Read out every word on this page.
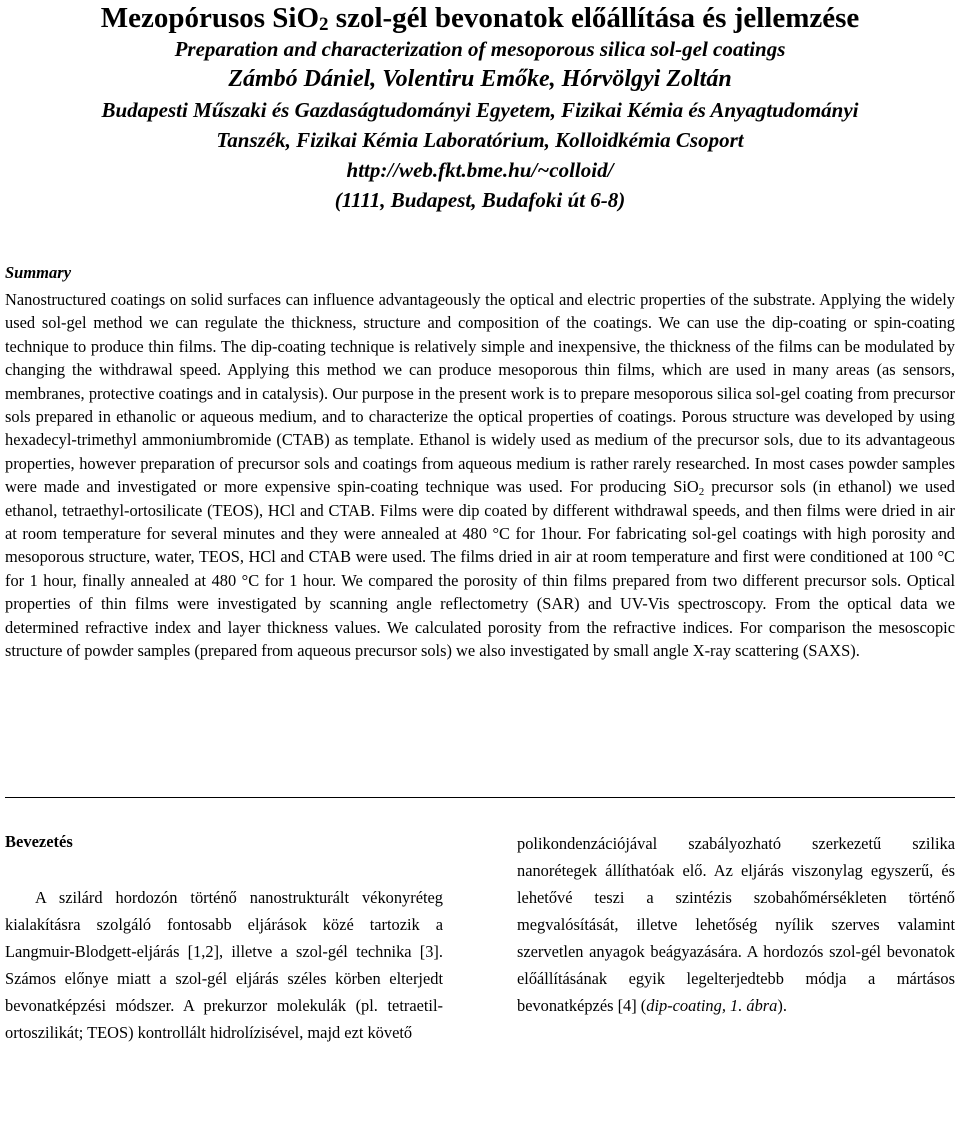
Mezopórusos SiO$_2$ szol-gél bevonatok előállítása és jellemzése

Preparation and characterization of mesoporous silica sol-gel coatings

Zámbó Dániel, Volentiru Emőke, Hórvölgyi Zoltán

Budapesti Műszaki és Gazdaságtudományi Egyetem, Fizikai Kémia és Anyagtudományi

Tanszék, Fizikai Kémia Laboratórium, Kolloidkémia Csoport

http://web.fkt.bme.hu/~colloid/

(1111, Budapest, Budafoki út 6-8)

Summary

Nanostructured coatings on solid surfaces can influence advantageously the optical and electric properties of the substrate. Applying the widely used sol-gel method we can regulate the thickness, structure and composition of the coatings. We can use the dip-coating or spin-coating technique to produce thin films. The dip-coating technique is relatively simple and inexpensive, the thickness of the films can be modulated by changing the withdrawal speed. Applying this method we can produce mesoporous thin films, which are used in many areas (as sensors, membranes, protective coatings and in catalysis). Our purpose in the present work is to prepare mesoporous silica sol-gel coating from precursor sols prepared in ethanolic or aqueous medium, and to characterize the optical properties of coatings. Porous structure was developed by using hexadecyl-trimethyl ammoniumbromide (CTAB) as template. Ethanol is widely used as medium of the precursor sols, due to its advantageous properties, however preparation of precursor sols and coatings from aqueous medium is rather rarely researched. In most cases powder samples were made and investigated or more expensive spin-coating technique was used. For producing SiO$_2$ precursor sols (in ethanol) we used ethanol, tetraethyl-ortosilicate (TEOS), HCl and CTAB. Films were dip coated by different withdrawal speeds, and then films were dried in air at room temperature for several minutes and they were annealed at 480 °C for 1hour. For fabricating sol-gel coatings with high porosity and mesoporous structure, water, TEOS, HCl and CTAB were used. The films dried in air at room temperature and first were conditioned at 100 °C for 1 hour, finally annealed at 480 °C for 1 hour. We compared the porosity of thin films prepared from two different precursor sols. Optical properties of thin films were investigated by scanning angle reflectometry (SAR) and UV-Vis spectroscopy. From the optical data we determined refractive index and layer thickness values. We calculated porosity from the refractive indices. For comparison the mesoscopic structure of powder samples (prepared from aqueous precursor sols) we also investigated by small angle X-ray scattering (SAXS).

Bevezetés

A szilárd hordozón történő nanostrukturált vékonyréteg kialakításra szolgáló fontosabb eljárások közé tartozik a Langmuir-Blodgett-eljárás [1,2], illetve a szol-gél technika [3]. Számos előnye miatt a szol-gél eljárás széles körben elterjedt bevonatképzési módszer. A prekurzor molekulák (pl. tetraetil-ortoszilikát; TEOS) kontrollált hidrolízisével, majd ezt követő

polikondenzációjával szabályozható szerkezetű szilika nanorétegek állíthatóak elő. Az eljárás viszonylag egyszerű, és lehetővé teszi a szintézis szobahőmérsékleten történő megvalósítását, illetve lehetőség nyílik szerves valamint szervetlen anyagok beágyazására. A hordozós szol-gél bevonatok előállításának egyik legelterjedtebb módja a mártásos bevonatképzés [4] (dip-coating, 1. ábra).
